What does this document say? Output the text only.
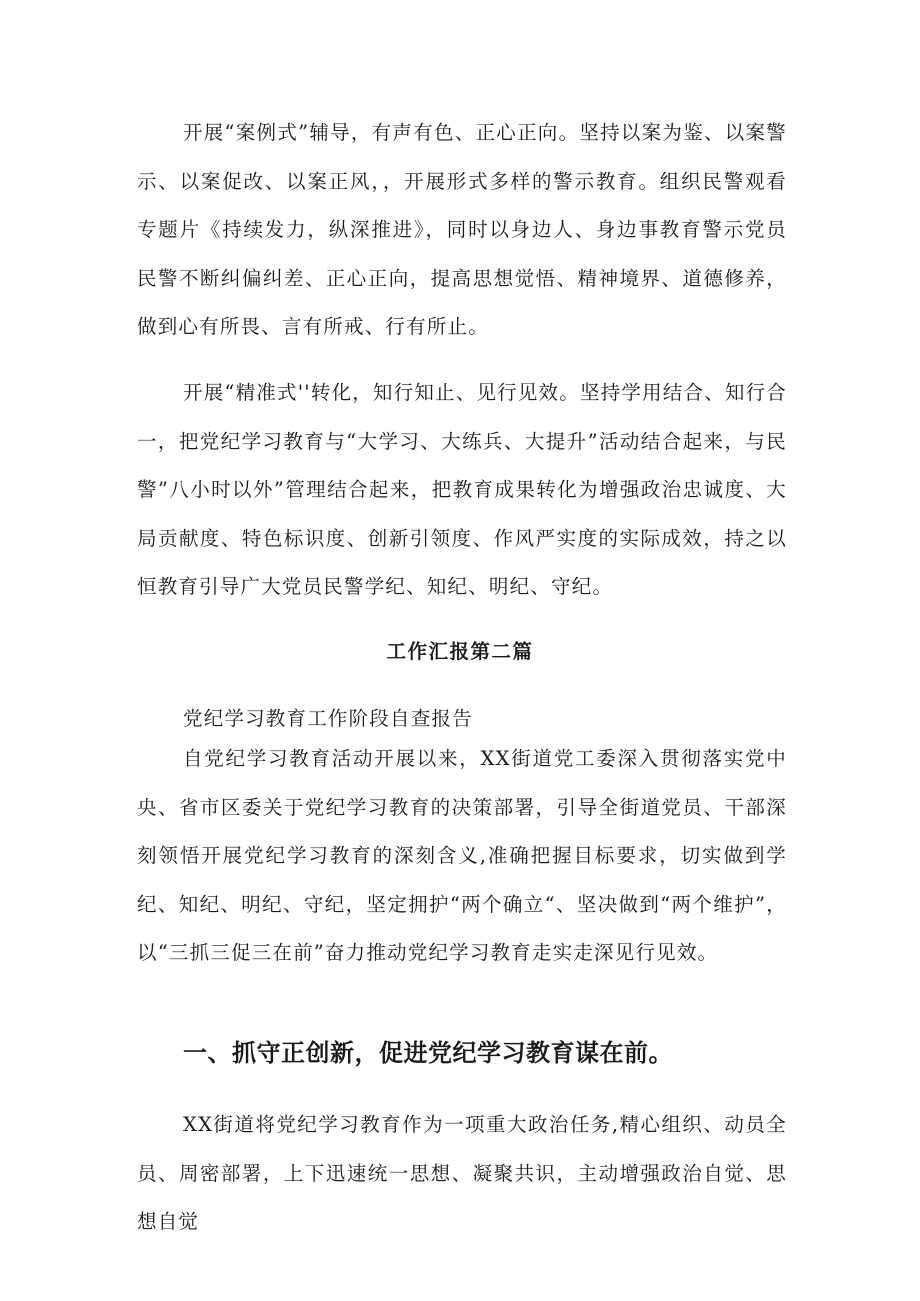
开展“案例式”辅导，有声有色、正心正向。坚持以案为鉴、以案警示、以案促改、以案正风，，开展形式多样的警示教育。组织民警观看专题片《持续发力，纵深推进》，同时以身边人、身边事教育警示党员民警不断纠偏纠差、正心正向，提高思想觉悟、精神境界、道德修养，做到心有所畏、言有所戒、行有所止。

开展“精准式''转化，知行知止、见行见效。坚持学用结合、知行合一，把党纪学习教育与“大学习、大练兵、大提升”活动结合起来，与民警”八小时以外”管理结合起来，把教育成果转化为增强政治忠诚度、大局贡献度、特色标识度、创新引领度、作风严实度的实际成效，持之以恒教育引导广大党员民警学纪、知纪、明纪、守纪。

工作汇报第二篇

党纪学习教育工作阶段自查报告

自党纪学习教育活动开展以来，XX街道党工委深入贯彻落实党中央、省市区委关于党纪学习教育的决策部署，引导全街道党员、干部深刻领悟开展党纪学习教育的深刻含义,准确把握目标要求，切实做到学纪、知纪、明纪、守纪，坚定拥护“两个确立“、坚决做到“两个维护”，以“三抓三促三在前”奋力推动党纪学习教育走实走深见行见效。

一、抓守正创新，促进党纪学习教育谋在前。

XX街道将党纪学习教育作为一项重大政治任务,精心组织、动员全员、周密部署，上下迅速统一思想、凝聚共识，主动增强政治自觉、思想自觉
